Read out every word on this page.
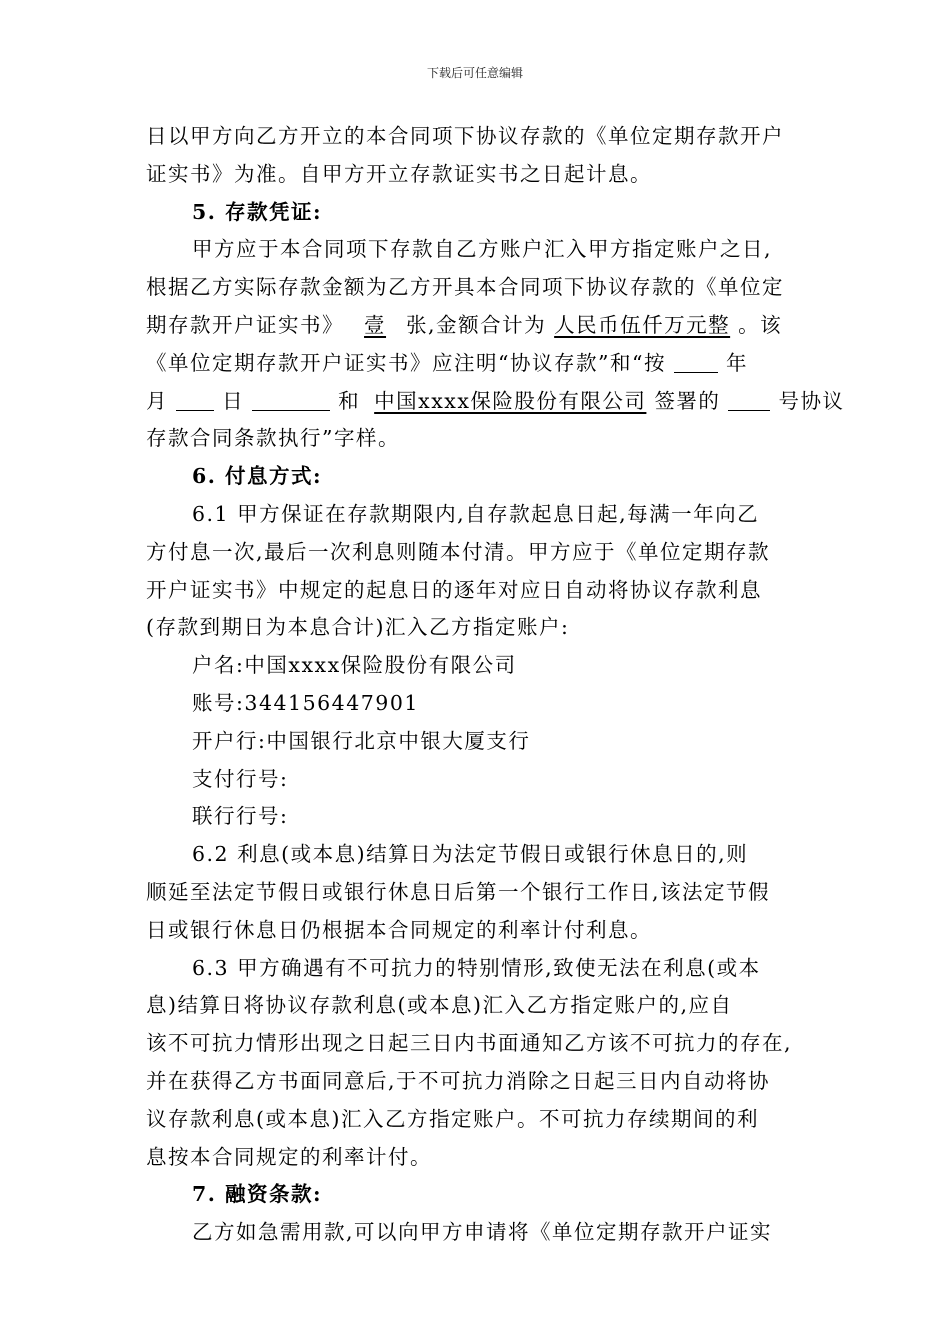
下载后可任意编辑
日以甲方向乙方开立的本合同项下协议存款的《单位定期存款开户
证实书》为准。自甲方开立存款证实书之日起计息。
5. 存款凭证:
甲方应于本合同项下存款自乙方账户汇入甲方指定账户之日,
根据乙方实际存款金额为乙方开具本合同项下协议存款的《单位定
期存款开户证实书》 壹 张,金额合计为 人民币伍仟万元整 。该
《单位定期存款开户证实书》应注明“协议存款”和“按	年
月	日	和 中国xxxx保险股份有限公司 签署的	号协议
存款合同条款执行”字样。
6. 付息方式:
6.1 甲方保证在存款期限内,自存款起息日起,每满一年向乙
方付息一次,最后一次利息则随本付清。甲方应于《单位定期存款
开户证实书》中规定的起息日的逐年对应日自动将协议存款利息
(存款到期日为本息合计)汇入乙方指定账户:
户名:中国xxxx保险股份有限公司
账号:344156447901
开户行:中国银行北京中银大厦支行
支付行号:
联行行号:
6.2 利息(或本息)结算日为法定节假日或银行休息日的,则
顺延至法定节假日或银行休息日后第一个银行工作日,该法定节假
日或银行休息日仍根据本合同规定的利率计付利息。
6.3 甲方确遇有不可抗力的特别情形,致使无法在利息(或本
息)结算日将协议存款利息(或本息)汇入乙方指定账户的,应自
该不可抗力情形出现之日起三日内书面通知乙方该不可抗力的存在,
并在获得乙方书面同意后,于不可抗力消除之日起三日内自动将协
议存款利息(或本息)汇入乙方指定账户。不可抗力存续期间的利
息按本合同规定的利率计付。
7. 融资条款:
乙方如急需用款,可以向甲方申请将《单位定期存款开户证实
